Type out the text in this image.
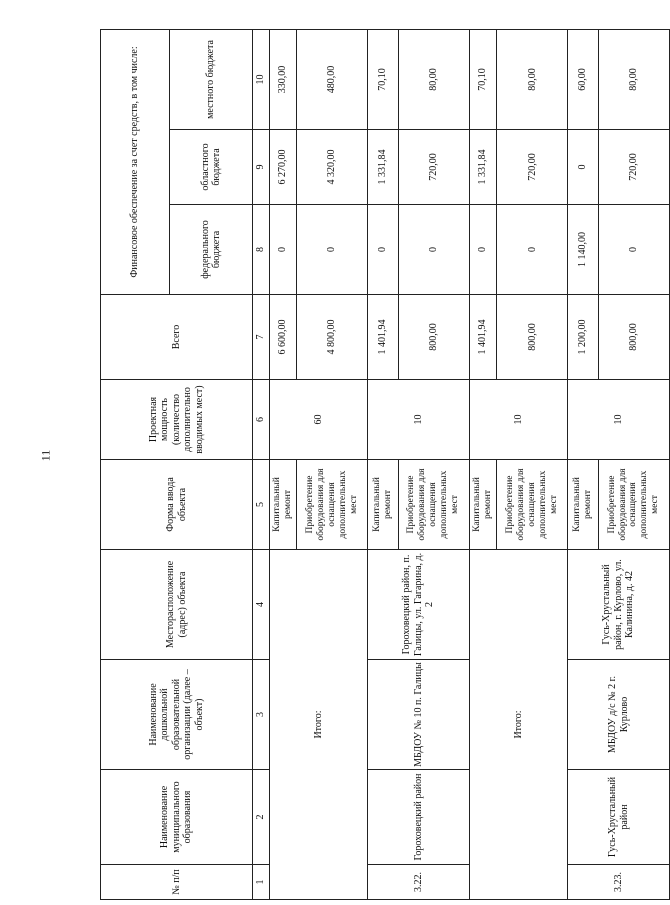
11
№ п/п	Наименование муниципального образования	Наименование дошкольной образовательной организации (далее – объект)	Месторасположение (адрес) объекта	Форма ввода объекта	Проектная мощность (количество дополнительно вводимых мест)	Всего	Финансовое обеспечение за счет средств, в том числе:		
							федерального бюджета	областного бюджета	местного бюджета
1	2	3	4	5	6	7	8	9	10
Итого:				Капитальный ремонт	60	6 600,00	0	6 270,00	330,00
				Приобретение оборудования для оснащения дополнительных мест		4 800,00	0	4 320,00	480,00
3.22.	Гороховецкий район	МБДОУ № 10 п. Галицы	Гороховецкий район, п. Галицы, ул. Гагарина, д. 2	Капитальный ремонт	10	1 401,94	0	1 331,84	70,10
				Приобретение оборудования для оснащения дополнительных мест		800,00	0	720,00	80,00
Итого:				Капитальный ремонт	10	1 401,94	0	1 331,84	70,10
				Приобретение оборудования для оснащения дополнительных мест		800,00	0	720,00	80,00
3.23.	Гусь-Хрустальный район	МБДОУ д/с № 2 г. Курлово	Гусь-Хрустальный район, г. Курлово, ул. Калинина, д. 42	Капитальный ремонт	10	1 200,00	1 140,00	0	60,00
				Приобретение оборудования для оснащения дополнительных мест		800,00	0	720,00	80,00
